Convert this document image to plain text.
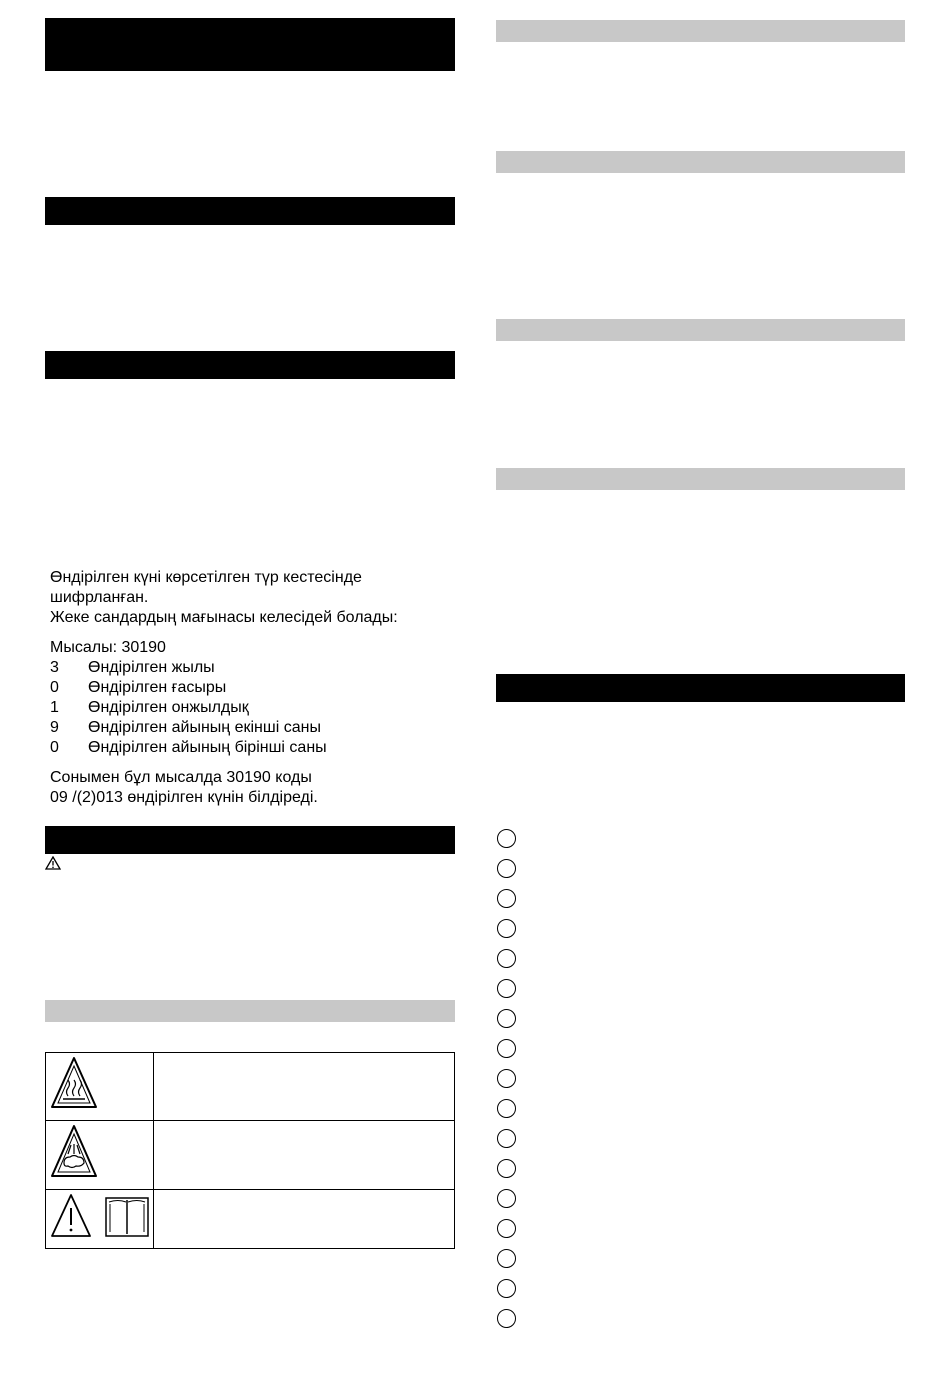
Өндірілген күні көрсетілген түр кестесінде

шифрланған.

Жеке сандардың мағынасы келесідей болады:

Мысалы: 30190

3	Өндірілген жылы
0	Өндірілген ғасыры
1	Өндірілген онжылдық
9	Өндірілген айының екінші саны
0	Өндірілген айының бірінші саны

Сонымен бұл мысалда 30190 коды

09 /(2)013 өндірілген күнін білдіреді.
